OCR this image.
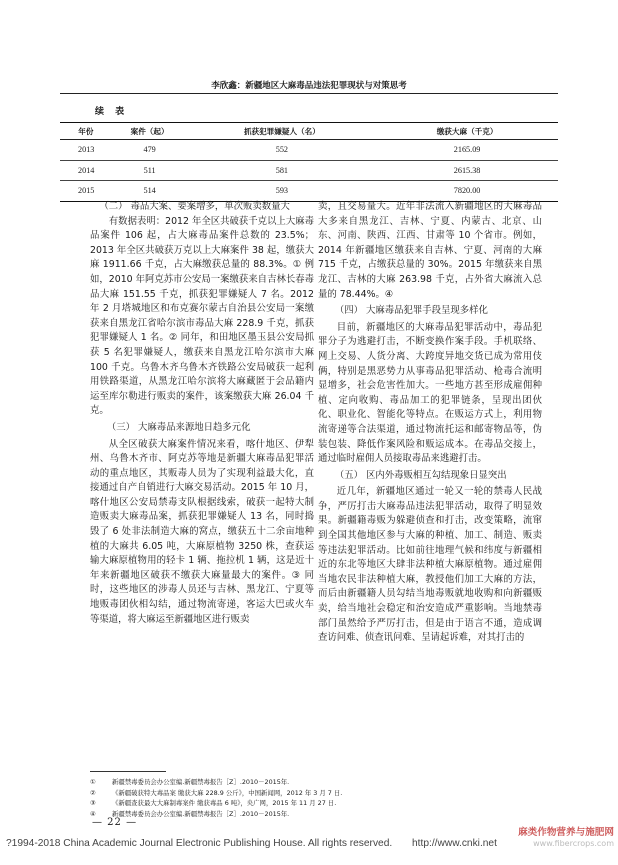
李欣鑫：新疆地区大麻毒品违法犯罪现状与对策思考
续 表
年份	案件（起）	抓获犯罪嫌疑人（名）	缴获大麻（千克）
2013	479	552	2165.09
2014	511	581	2615.38
2015	514	593	7820.00

（二） 毒品大案、要案增多，单次贩卖数量大

有数据表明：2012 年全区共破获千克以上大麻毒品案件 106 起，占大麻毒品案件总数的 23.5%；2013 年全区共破获万克以上大麻案件 38 起，缴获大麻 1911.66 千克，占大麻缴获总量的 88.3%。① 例如，2010 年阿克苏市公安局一案缴获来自吉林长春毒品大麻 151.55 千克，抓获犯罪嫌疑人 7 名。2012 年 2 月塔城地区和布克赛尔蒙古自治县公安局一案缴获来自黑龙江省哈尔滨市毒品大麻 228.9 千克，抓获犯罪嫌疑人 1 名。② 同年，和田地区墨玉县公安局抓获 5 名犯罪嫌疑人，缴获来自黑龙江哈尔滨市大麻 100 千克。乌鲁木齐乌鲁木齐铁路公安局破获一起利用铁路渠道，从黑龙江哈尔滨将大麻藏匿于会品籍内运至库尔勒进行贩卖的案件，该案缴获大麻 26.04 千克。

（三） 大麻毒品来源地日趋多元化

从全区破获大麻案件情况来看，喀什地区、伊犁州、乌鲁木齐市、阿克苏等地是新疆大麻毒品犯罪活动的重点地区，其贩毒人员为了实现利益最大化，直接通过自产自销进行大麻交易活动。2015 年 10 月，喀什地区公安局禁毒支队根据线索，破获一起特大制造贩卖大麻毒品案，抓获犯罪嫌疑人 13 名，同时捣毁了 6 处非法制造大麻的窝点，缴获五十二余亩地种植的大麻共 6.05 吨，大麻原植物 3250 株，查获运输大麻原植物用的轻卡 1 辆、拖拉机 1 辆，这是近十年来新疆地区破获不缴获大麻量最大的案件。③ 同时，这些地区的涉毒人员还与吉林、黑龙江、宁夏等地贩毒团伙相勾结，通过物流寄递，客运大巴或火车等渠道，将大麻运至新疆地区进行贩卖

卖，且交易量大。近年非法流入新疆地区的大麻毒品大多来自黑龙江、吉林、宁夏、内蒙古、北京、山东、河南、陕西、江西、甘肃等 10 个省市。例如，2014 年新疆地区缴获来自吉林、宁夏、河南的大麻 715 千克，占缴获总量的 30%。2015 年缴获来自黑龙江、吉林的大麻 263.98 千克，占外省大麻流入总量的 78.44%。④

（四） 大麻毒品犯罪手段呈现多样化

目前，新疆地区的大麻毒品犯罪活动中，毒品犯罪分子为逃避打击，不断变换作案手段。手机联络、网上交易、人货分离、大跨度异地交货已成为常用伎俩，特别是黑恶势力从事毒品犯罪活动、枪毒合流明显增多，社会危害性加大。一些地方甚至形成雇佣种植、定向收购、毒品加工的犯罪链条，呈现出团伙化、职业化、智能化等特点。在贩运方式上，利用物流寄递等合法渠道，通过物流托运和邮寄物品等，伪装包装、降低作案风险和贩运成本。在毒品交接上，通过临时雇佣人员接取毒品来逃避打击。

（五） 区内外毒贩相互勾结现象日显突出

近几年，新疆地区通过一轮又一轮的禁毒人民战争，严厉打击大麻毒品违法犯罪活动，取得了明显效果。新疆籍毒贩为躲避侦查和打击，改变策略，流窜到全国其他地区参与大麻的种植、加工、制造、贩卖等违法犯罪活动。比如前往地理气候和纬度与新疆相近的东北等地区大肆非法种植大麻原植物。通过雇佣当地农民非法种植大麻，教授他们加工大麻的方法，而后由新疆籍人员勾结当地毒贩就地收购和向新疆贩卖，给当地社会稳定和治安造成严重影响。当地禁毒部门虽然给予严厉打击，但是由于语言不通，造成调查访问难、侦查讯问难、呈请起诉难，对其打击的

①	新疆禁毒委员会办公室编.新疆禁毒报告［Z］.2010－2015年.
②	《新疆破获特大毒品案 缴获大麻 228.9 公斤》，中国新闻网，2012 年 3 月 7 日.
③	《新疆查获最大大麻制毒案件 缴获毒品 6 吨》，央广网，2015 年 11 月 27 日.
④	新疆禁毒委员会办公室编.新疆禁毒报告［Z］.2010－2015年.
— 22 —
?1994-2018 China Academic Journal Electronic Publishing House. All rights reserved. http://www.cnki.net
麻类作物营养与施肥网
www.fibercrops.com
